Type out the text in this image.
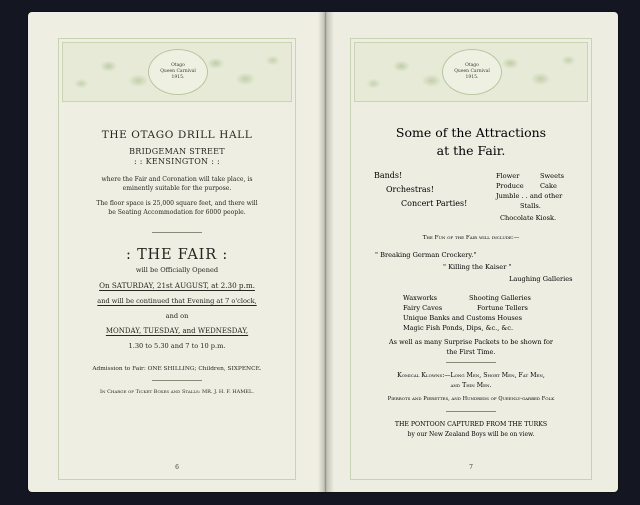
Otago
Queen Carnival
1915.
THE OTAGO DRILL HALL
BRIDGEMAN STREET
: : KENSINGTON : :
where the Fair and Coronation will take place, is
eminently suitable for the purpose.
The floor space is 25,000 square feet, and there will
be Seating Accommodation for 6000 people.
: THE FAIR :
will be Officially Opened
On SATURDAY, 21st AUGUST, at 2.30 p.m.
and will be continued that Evening at 7 o'clock,
and on
MONDAY, TUESDAY, and WEDNESDAY,
1.30 to 5.30 and 7 to 10 p.m.
Admission to Fair: ONE SHILLING; Children, SIXPENCE.
In Charge of Ticket Boxes and Stalls: MR. J. H. F. HAMEL.
6
Otago
Queen Carnival
1915.
Some of the Attractions
at the Fair.
Bands!
Orchestras!
Concert Parties!
Flower	Sweets
Produce Cake
Jumble . . and other
Stalls.
Chocolate Kiosk.
The Fun of the Fair will include:—
" Breaking German Crockery."
" Killing the Kaiser "
Laughing Galleries
Waxworks	Shooting Galleries
Fairy Caves	Fortune Tellers
Unique Banks and Customs Houses
Magic Fish Ponds, Dips, &c., &c.
As well as many Surprise Packets to be shown for
the First Time.
Komical Klowns:—Long Men, Short Men, Fat Men,
and Thin Men.
Pierrots and Pierettes, and Hundreds of Queenly-garbed Folk
THE PONTOON CAPTURED FROM THE TURKS
by our New Zealand Boys will be on view.
7
